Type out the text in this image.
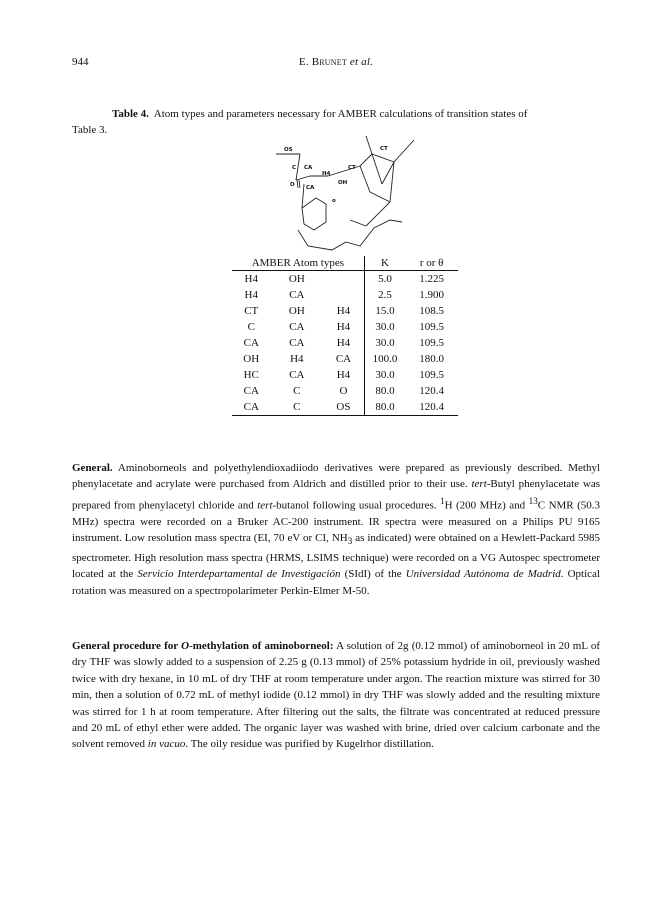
944	E. Brunet et al.
Table 4. Atom types and parameters necessary for AMBER calculations of transition states of
Table 3.
OS
C CA
H4
CT
CT
O CA
OH
o
AMBER Atom types			K	r or θ
H4	OH		5.0	1.225
H4	CA		2.5	1.900
CT	OH	H4	15.0	108.5
C	CA	H4	30.0	109.5
CA	CA	H4	30.0	109.5
OH	H4	CA	100.0	180.0
HC	CA	H4	30.0	109.5
CA	C	O	80.0	120.4
CA	C	OS	80.0	120.4
General. Aminoborneols and polyethylendioxadiiodo derivatives were prepared as previously described. Methyl phenylacetate and acrylate were purchased from Aldrich and distilled prior to their use. tert-Butyl phenylacetate was prepared from phenylacetyl chloride and tert-butanol following usual procedures. $^1$H (200 MHz) and $^{13}$C NMR (50.3 MHz) spectra were recorded on a Bruker AC-200 instrument. IR spectra were measured on a Philips PU 9165 instrument. Low resolution mass spectra (EI, 70 eV or CI, $NH_3$ as indicated) were obtained on a Hewlett-Packard 5985 spectrometer. High resolution mass spectra (HRMS, LSIMS technique) were recorded on a VG Autospec spectrometer located at the Servicio Interdepartamental de Investigación (SIdI) of the Universidad Autónoma de Madrid. Optical rotation was measured on a spectropolarimeter Perkin-Elmer M-50.
General procedure for O-methylation of aminoborneol: A solution of 2g (0.12 mmol) of aminoborneol in 20 mL of dry THF was slowly added to a suspension of 2.25 g (0.13 mmol) of 25% potassium hydride in oil, previously washed twice with dry hexane, in 10 mL of dry THF at room temperature under argon. The reaction mixture was stirred for 30 min, then a solution of 0.72 mL of methyl iodide (0.12 mmol) in dry THF was slowly added and the resulting mixture was stirred for 1 h at room temperature. After filtering out the salts, the filtrate was concentrated at reduced pressure and 20 mL of ethyl ether were added. The organic layer was washed with brine, dried over calcium carbonate and the solvent removed in vacuo. The oily residue was purified by Kugelrhor distillation.
